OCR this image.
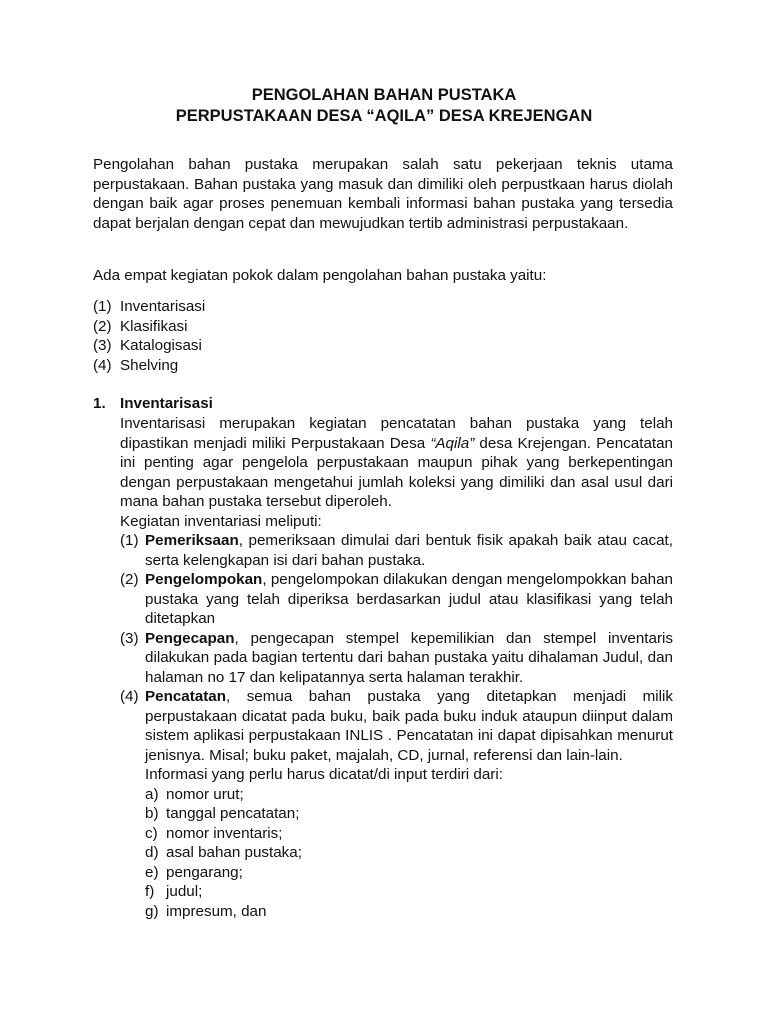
PENGOLAHAN BAHAN PUSTAKA
PERPUSTAKAAN DESA “AQILA” DESA KREJENGAN
Pengolahan bahan pustaka merupakan salah satu pekerjaan teknis utama perpustakaan. Bahan pustaka yang masuk dan dimiliki oleh perpustkaan harus diolah dengan baik agar proses penemuan kembali informasi bahan pustaka yang tersedia dapat berjalan dengan cepat dan mewujudkan tertib administrasi perpustakaan.
Ada empat kegiatan pokok dalam pengolahan bahan pustaka yaitu:
(1) Inventarisasi
(2) Klasifikasi
(3) Katalogisasi
(4) Shelving
1. Inventarisasi

Inventarisasi merupakan kegiatan pencatatan bahan pustaka yang telah dipastikan menjadi miliki Perpustakaan Desa “Aqila” desa Krejengan. Pencatatan ini penting agar pengelola perpustakaan maupun pihak yang berkepentingan dengan perpustakaan mengetahui jumlah koleksi yang dimiliki dan asal usul dari mana bahan pustaka tersebut diperoleh.

Kegiatan inventariasi meliputi:

(1) Pemeriksaan, pemeriksaan dimulai dari bentuk fisik apakah baik atau cacat, serta kelengkapan isi dari bahan pustaka.
(2) Pengelompokan, pengelompokan dilakukan dengan mengelompokkan bahan pustaka yang telah diperiksa berdasarkan judul atau klasifikasi yang telah ditetapkan
(3) Pengecapan, pengecapan stempel kepemilikian dan stempel inventaris dilakukan pada bagian tertentu dari bahan pustaka yaitu dihalaman Judul, dan halaman no 17 dan kelipatannya serta halaman terakhir.
(4) Pencatatan, semua bahan pustaka yang ditetapkan menjadi milik perpustakaan dicatat pada buku, baik pada buku induk ataupun diinput dalam sistem aplikasi perpustakaan INLIS . Pencatatan ini dapat dipisahkan menurut jenisnya. Misal; buku paket, majalah, CD, jurnal, referensi dan lain-lain.
Informasi yang perlu harus dicatat/di input terdiri dari:
a) nomor urut;
b) tanggal pencatatan;
c) nomor inventaris;
d) asal bahan pustaka;
e) pengarang;
f) judul;
g) impresum, dan
